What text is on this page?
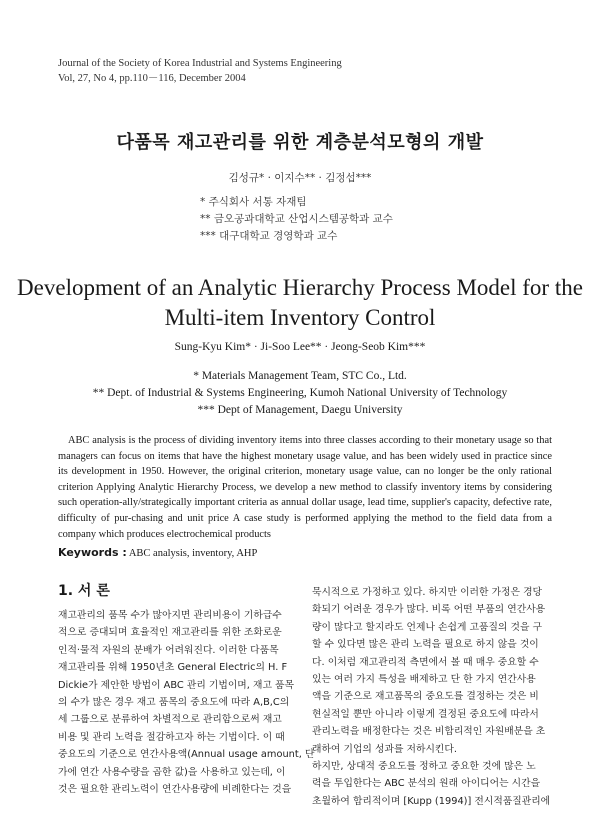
Journal of the Society of Korea Industrial and Systems Engineering
Vol, 27, No 4, pp.110－116, December 2004
다품목 재고관리를 위한 계층분석모형의 개발
김성규* · 이지수** · 김정섭***
* 주식회사 서통 자재팀
** 금오공과대학교 산업시스템공학과 교수
*** 대구대학교 경영학과 교수
Development of an Analytic Hierarchy Process Model for the
Multi-item Inventory Control
Sung-Kyu Kim* · Ji-Soo Lee** · Jeong-Seob Kim***
* Materials Management Team, STC Co., Ltd.
** Dept. of Industrial & Systems Engineering, Kumoh National University of Technology
*** Dept of Management, Daegu University

ABC analysis is the process of dividing inventory items into three classes according to their monetary usage so that managers can focus on items that have the highest monetary usage value, and has been widely used in practice since its development in 1950. However, the original criterion, monetary usage value, can no longer be the only rational criterion Applying Analytic Hierarchy Process, we develop a new method to classify inventory items by considering such operation-ally/strategically important criteria as annual dollar usage, lead time, supplier's capacity, defective rate, difficulty of pur-chasing and unit price A case study is performed applying the method to the field data from a company which produces electrochemical products

Keywords : ABC analysis, inventory, AHP
1. 서 론
재고관리의 품목 수가 많아지면 관리비용이 기하급수
적으로 증대되며 효율적인 재고관리를 위한 조화로운
인적·물적 자원의 분배가 어려워진다. 이러한 다품목
재고관리를 위해 1950년초 General Electric의 H. F
Dickie가 제안한 방법이 ABC 관리 기법이며, 재고 품목
의 수가 많은 경우 재고 품목의 중요도에 따라 A,B,C의
세 그룹으로 분류하여 차별적으로 관리함으로써 재고
비용 및 관리 노력을 절감하고자 하는 기법이다. 이 때
중요도의 기준으로 연간사용액(Annual usage amount, 단
가에 연간 사용수량을 곱한 값)을 사용하고 있는데, 이
것은 필요한 관리노력이 연간사용량에 비례한다는 것을
묵시적으로 가정하고 있다. 하지만 이러한 가정은 경당
화되기 어려운 경우가 많다. 비록 어떤 부품의 연간사용
량이 많다고 할지라도 언제나 손쉽게 고품질의 것을 구
할 수 있다면 많은 관리 노력을 필요로 하지 않을 것이
다. 이처럼 재고관리적 측면에서 볼 때 매우 중요할 수
있는 여러 가지 특성을 배제하고 단 한 가지 연간사용
액을 기준으로 재고품목의 중요도를 결정하는 것은 비
현실적일 뿐만 아니라 이렇게 결정된 중요도에 따라서
관리노력을 배정한다는 것은 비합리적인 자원배분을 초
래하여 기업의 성과를 저하시킨다.
하지만, 상대적 중요도를 정하고 중요한 것에 많은 노
력을 투입한다는 ABC 분석의 원래 아이디어는 시간을
초월하여 합리적이며 [Kupp (1994)] 전시적품질관리에
